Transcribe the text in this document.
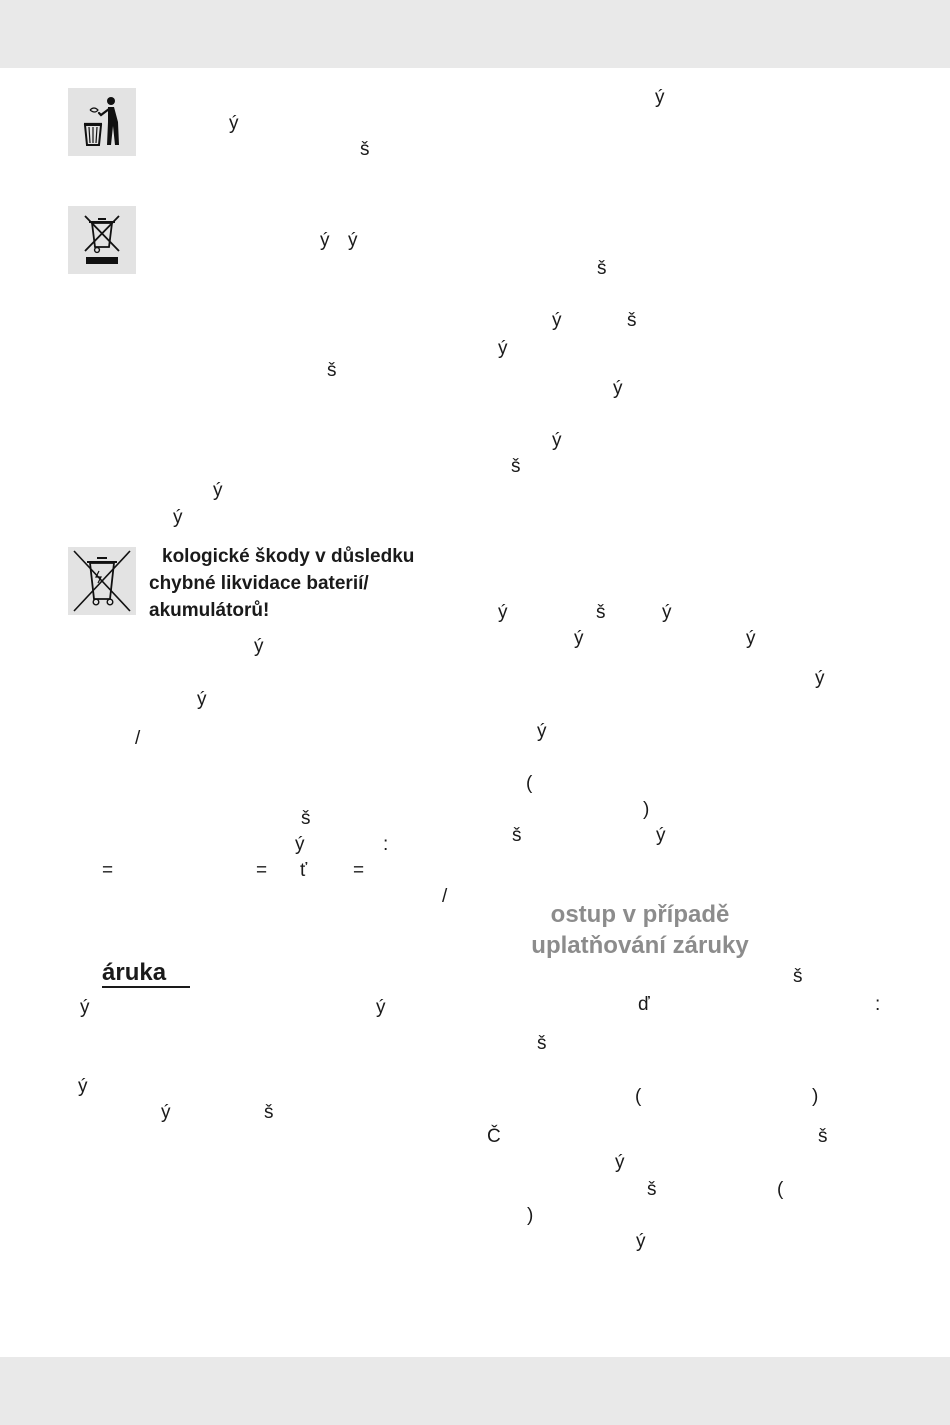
kologické škody v důsledku
chybné likvidace baterií/
akumulátorů!
áruka
ostup v případě
uplatňování záruky
ý
š
ý ý
š
ý
ý
ý
ý
/
š
ý	:
=	= ť =
/
ý	ý
ý
ý	š
ý
š
ý	š
ý
ý
ý
š
ý	š	ý
ý	ý
ý
ý
(
)
š	ý
š
ď	:
š
(	)
Č	š
ý
š	(
)
ý
